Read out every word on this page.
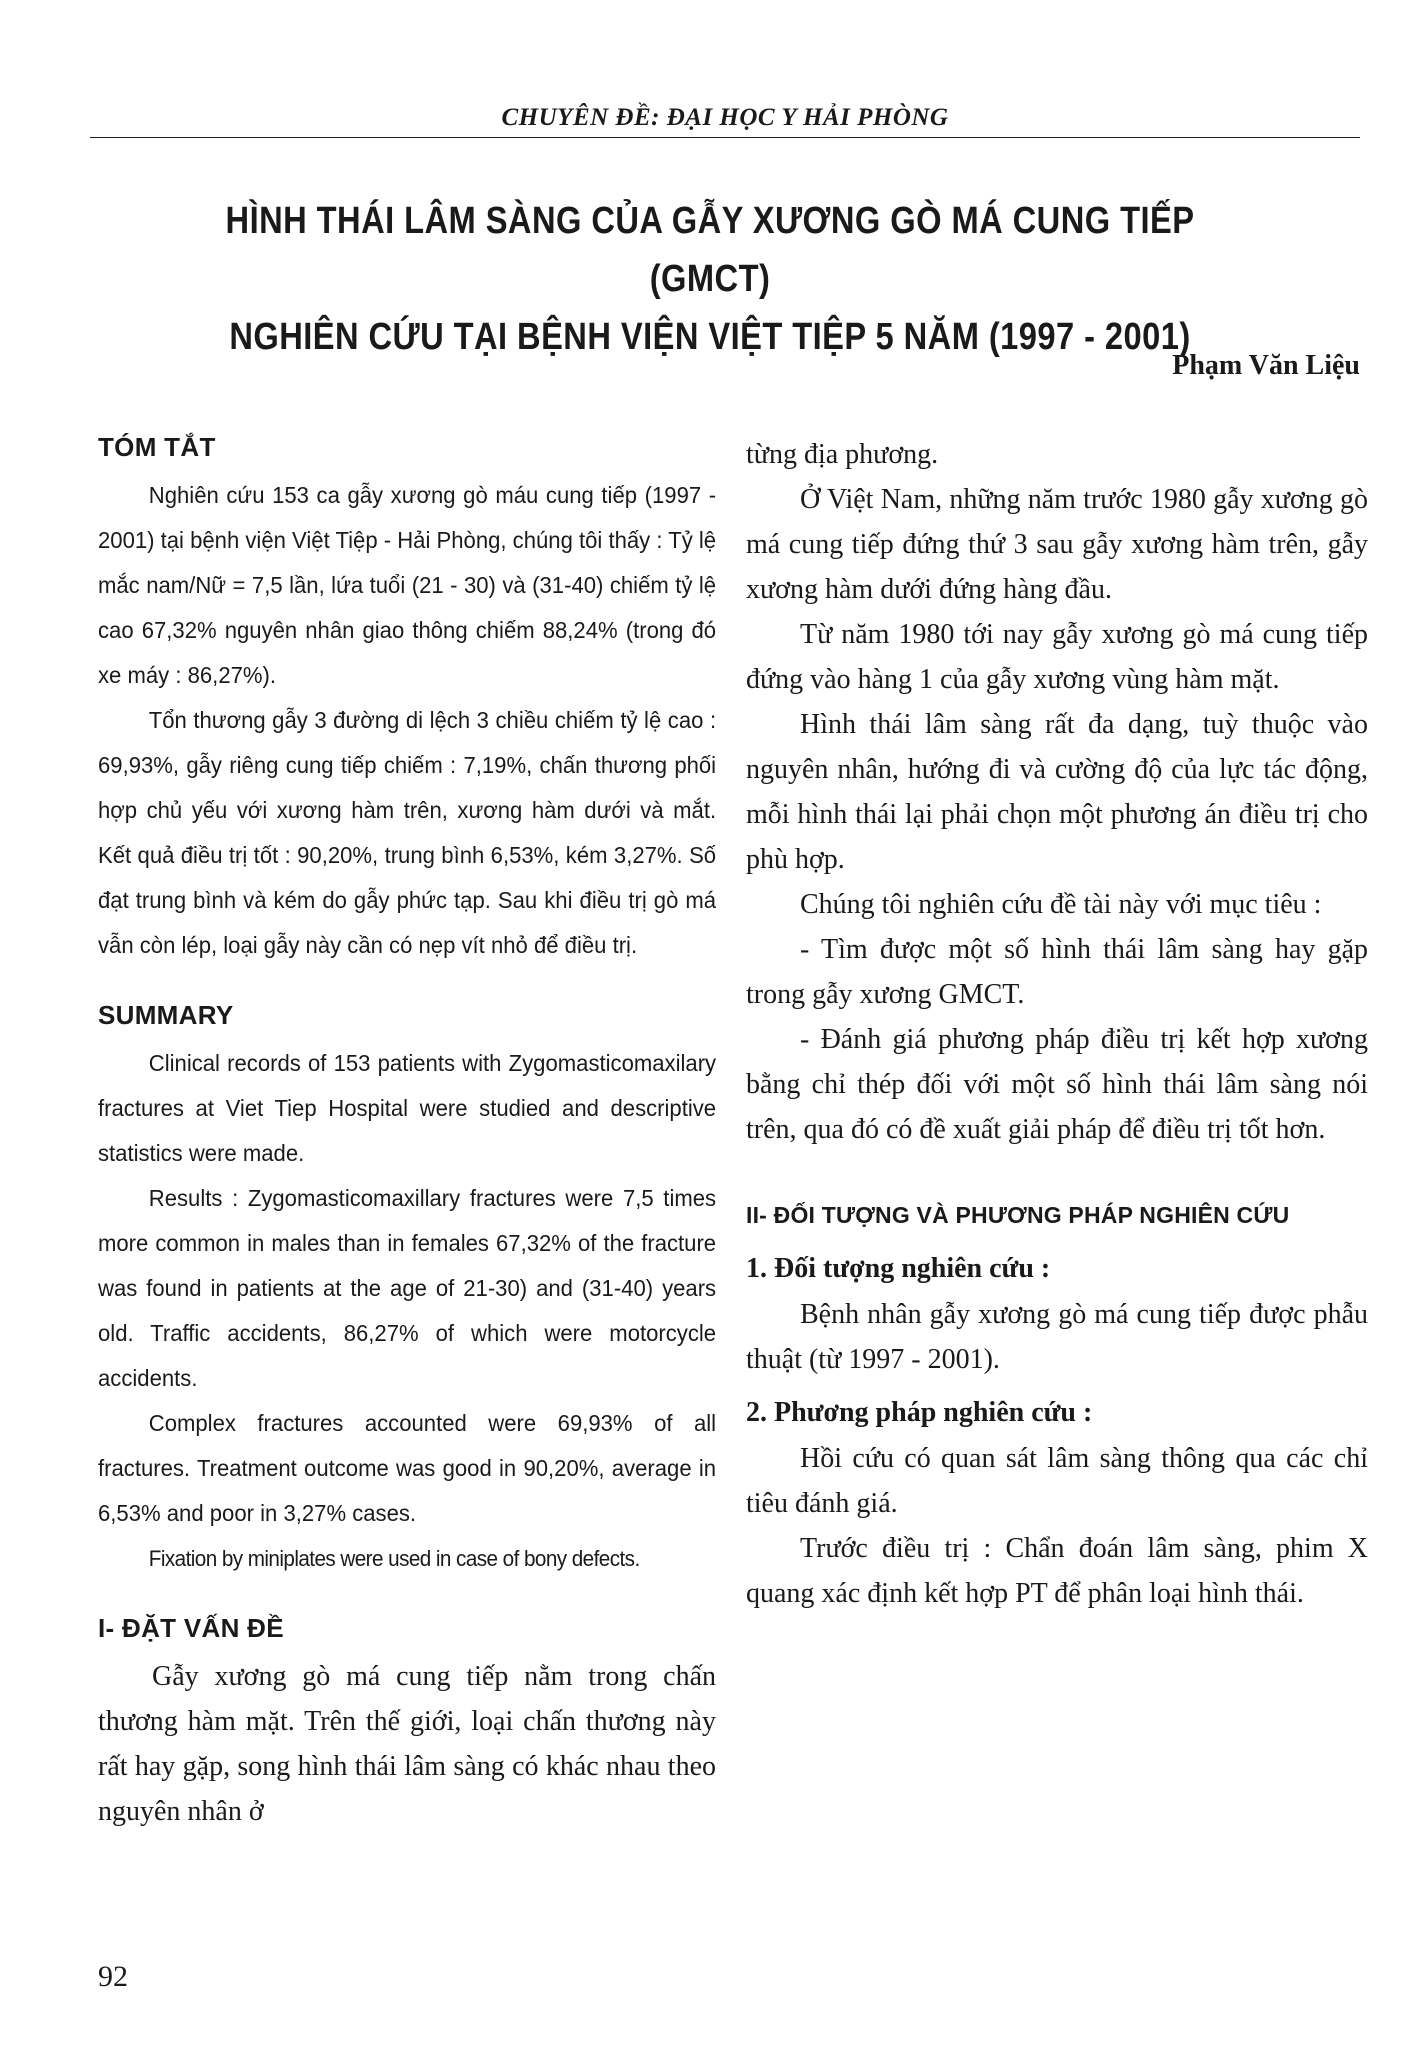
CHUYÊN ĐỀ: ĐẠI HỌC Y HẢI PHÒNG
HÌNH THÁI LÂM SÀNG CỦA GẪY XƯƠNG GÒ MÁ CUNG TIẾP (GMCT)
NGHIÊN CỨU TẠI BỆNH VIỆN VIỆT TIỆP 5 NĂM (1997 - 2001)
Phạm Văn Liệu
TÓM TẮT

Nghiên cứu 153 ca gẫy xương gò máu cung tiếp (1997 - 2001) tại bệnh viện Việt Tiệp - Hải Phòng, chúng tôi thấy : Tỷ lệ mắc nam/Nữ = 7,5 lần, lứa tuổi (21 - 30) và (31-40) chiếm tỷ lệ cao 67,32% nguyên nhân giao thông chiếm 88,24% (trong đó xe máy : 86,27%).

Tổn thương gẫy 3 đường di lệch 3 chiều chiếm tỷ lệ cao : 69,93%, gẫy riêng cung tiếp chiếm : 7,19%, chấn thương phối hợp chủ yếu với xương hàm trên, xương hàm dưới và mắt. Kết quả điều trị tốt : 90,20%, trung bình 6,53%, kém 3,27%. Số đạt trung bình và kém do gẫy phức tạp. Sau khi điều trị gò má vẫn còn lép, loại gẫy này cần có nẹp vít nhỏ để điều trị.

SUMMARY

Clinical records of 153 patients with Zygomasticomaxilary fractures at Viet Tiep Hospital were studied and descriptive statistics were made.

Results : Zygomasticomaxillary fractures were 7,5 times more common in males than in females 67,32% of the fracture was found in patients at the age of 21-30) and (31-40) years old. Traffic accidents, 86,27% of which were motorcycle accidents.

Complex fractures accounted were 69,93% of all fractures. Treatment outcome was good in 90,20%, average in 6,53% and poor in 3,27% cases.

Fixation by miniplates were used in case of bony defects.

I- ĐẶT VẤN ĐỀ

Gẫy xương gò má cung tiếp nằm trong chấn thương hàm mặt. Trên thế giới, loại chấn thương này rất hay gặp, song hình thái lâm sàng có khác nhau theo nguyên nhân ở

từng địa phương.

Ở Việt Nam, những năm trước 1980 gẫy xương gò má cung tiếp đứng thứ 3 sau gẫy xương hàm trên, gẫy xương hàm dưới đứng hàng đầu.

Từ năm 1980 tới nay gẫy xương gò má cung tiếp đứng vào hàng 1 của gẫy xương vùng hàm mặt.

Hình thái lâm sàng rất đa dạng, tuỳ thuộc vào nguyên nhân, hướng đi và cường độ của lực tác động, mỗi hình thái lại phải chọn một phương án điều trị cho phù hợp.

Chúng tôi nghiên cứu đề tài này với mục tiêu :

- Tìm được một số hình thái lâm sàng hay gặp trong gẫy xương GMCT.

- Đánh giá phương pháp điều trị kết hợp xương bằng chỉ thép đối với một số hình thái lâm sàng nói trên, qua đó có đề xuất giải pháp để điều trị tốt hơn.

II- ĐỐI TƯỢNG VÀ PHƯƠNG PHÁP NGHIÊN CỨU
1. Đối tượng nghiên cứu :

Bệnh nhân gẫy xương gò má cung tiếp được phẫu thuật (từ 1997 - 2001).

2. Phương pháp nghiên cứu :

Hồi cứu có quan sát lâm sàng thông qua các chỉ tiêu đánh giá.

Trước điều trị : Chẩn đoán lâm sàng, phim X quang xác định kết hợp PT để phân loại hình thái.

92
